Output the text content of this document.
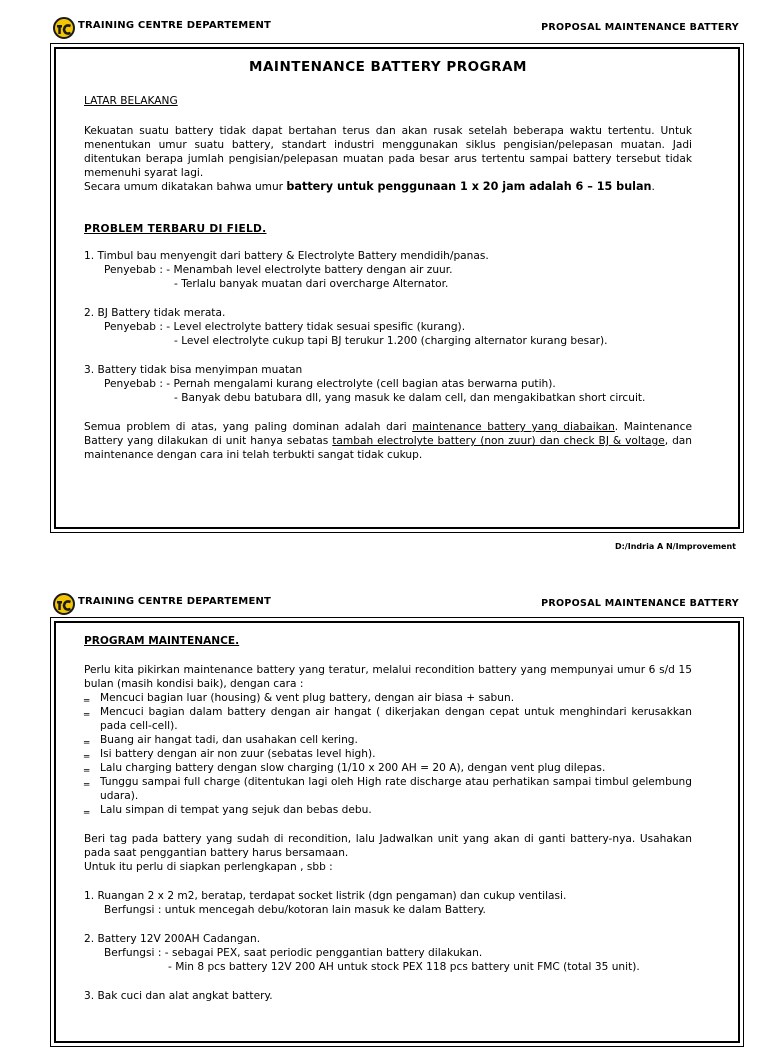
TRAINING CENTRE DEPARTEMENT	PROPOSAL MAINTENANCE BATTERY

MAINTENANCE BATTERY PROGRAM

LATAR BELAKANG

Kekuatan suatu battery tidak dapat bertahan terus dan akan rusak setelah beberapa waktu tertentu. Untuk menentukan umur suatu battery, standart industri menggunakan siklus pengisian/pelepasan muatan. Jadi ditentukan berapa jumlah pengisian/pelepasan muatan pada besar arus tertentu sampai battery tersebut tidak memenuhi syarat lagi.

Secara umum dikatakan bahwa umur battery untuk penggunaan 1 x 20 jam adalah 6 – 15 bulan.

PROBLEM TERBARU DI FIELD.

1. Timbul bau menyengit dari battery & Electrolyte Battery mendidih/panas.

Penyebab : - Menambah level electrolyte battery dengan air zuur.

- Terlalu banyak muatan dari overcharge Alternator.

2. BJ Battery tidak merata.

Penyebab : - Level electrolyte battery tidak sesuai spesific (kurang).

- Level electrolyte cukup tapi BJ terukur 1.200 (charging alternator kurang besar).

3. Battery tidak bisa menyimpan muatan

Penyebab : - Pernah mengalami kurang electrolyte (cell bagian atas berwarna putih).

- Banyak debu batubara dll, yang masuk ke dalam cell, dan mengakibatkan short circuit.

Semua problem di atas, yang paling dominan adalah dari maintenance battery yang diabaikan. Maintenance Battery yang dilakukan di unit hanya sebatas tambah electrolyte battery (non zuur) dan check BJ & voltage, dan maintenance dengan cara ini telah terbukti sangat tidak cukup.

D:/Indria A N/Improvement
TRAINING CENTRE DEPARTEMENT	PROPOSAL MAINTENANCE BATTERY

PROGRAM MAINTENANCE.

Perlu kita pikirkan maintenance battery yang teratur, melalui recondition battery yang mempunyai umur 6 s/d 15 bulan (masih kondisi baik), dengan cara :

‗ Mencuci bagian luar (housing) & vent plug battery, dengan air biasa + sabun.
‗ Mencuci bagian dalam battery dengan air hangat ( dikerjakan dengan cepat untuk menghindari kerusakkan pada cell-cell).
‗ Buang air hangat tadi, dan usahakan cell kering.
‗ Isi battery dengan air non zuur (sebatas level high).
‗ Lalu charging battery dengan slow charging (1/10 x 200 AH = 20 A), dengan vent plug dilepas.
‗ Tunggu sampai full charge (ditentukan lagi oleh High rate discharge atau perhatikan sampai timbul gelembung udara).
‗ Lalu simpan di tempat yang sejuk dan bebas debu.

Beri tag pada battery yang sudah di recondition, lalu Jadwalkan unit yang akan di ganti battery-nya. Usahakan pada saat penggantian battery harus bersamaan.

Untuk itu perlu di siapkan perlengkapan , sbb :

1. Ruangan 2 x 2 m2, beratap, terdapat socket listrik (dgn pengaman) dan cukup ventilasi.

Berfungsi : untuk mencegah debu/kotoran lain masuk ke dalam Battery.

2. Battery 12V 200AH Cadangan.

Berfungsi : - sebagai PEX, saat periodic penggantian battery dilakukan.

- Min 8 pcs battery 12V 200 AH untuk stock PEX 118 pcs battery unit FMC (total 35 unit).

3. Bak cuci dan alat angkat battery.
